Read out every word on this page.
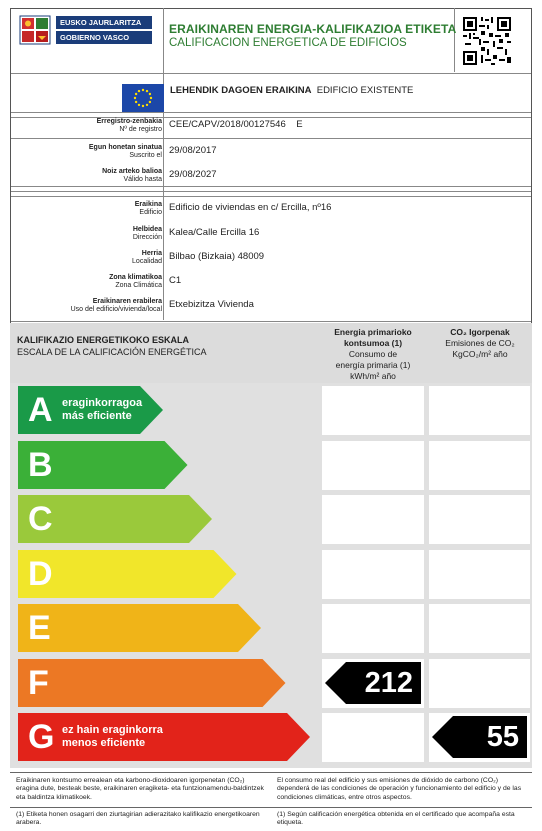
EUSKO JAURLARITZA
GOBIERNO VASCO
ERAIKINAREN ENERGIA-KALIFIKAZIOA ETIKETA
CALIFICACION ENERGETICA DE EDIFICIOS
LEHENDIK DAGOEN ERAIKINA EDIFICIO EXISTENTE
Erregistro-zenbakia
Nº de registro CEE/CAPV/2018/00127546 E
Egun honetan sinatua
Suscrito el 29/08/2017
Noiz arteko balioa
Válido hasta 29/08/2027
Eraikina
Edificio Edificio de viviendas en c/ Ercilla, nº16
Helbidea
Dirección Kalea/Calle Ercilla 16
Herria
Localidad Bilbao (Bizkaia) 48009
Zona klimatikoa
Zona Climática C1
Eraikinaren erabilera
Uso del edificio/vivienda/local Etxebizitza Vivienda
KALIFIKAZIO ENERGETIKOKO ESKALA
ESCALA DE LA CALIFICACIÓN ENERGÉTICA
Energia primarioko
kontsumoa (1)
Consumo de
energía primaria (1)
kWh/m² año
CO₂ Igorpenak
Emisiones de CO₂
KgCO₂/m² año
A eraginkorragoa
más eficiente
B
C
D
E
F
G ez hain eraginkorra
menos eficiente
212
55
Eraikinaren kontsumo errealean eta karbono-dioxidoaren igorpenetan (CO₂) eragina dute, besteak beste, eraikinaren eragiketa- eta funtzionamendu-baldintzek eta baldintza klimatikoek.
El consumo real del edificio y sus emisiones de dióxido de carbono (CO₂) dependerá de las condiciones de operación y funcionamiento del edificio y de las condiciones climáticas, entre otros aspectos.
(1) Etiketa honen osagarri den ziurtagirian adierazitako kalifikazio energetikoaren arabera.
(1) Según calificación energética obtenida en el certificado que acompaña esta etiqueta.
